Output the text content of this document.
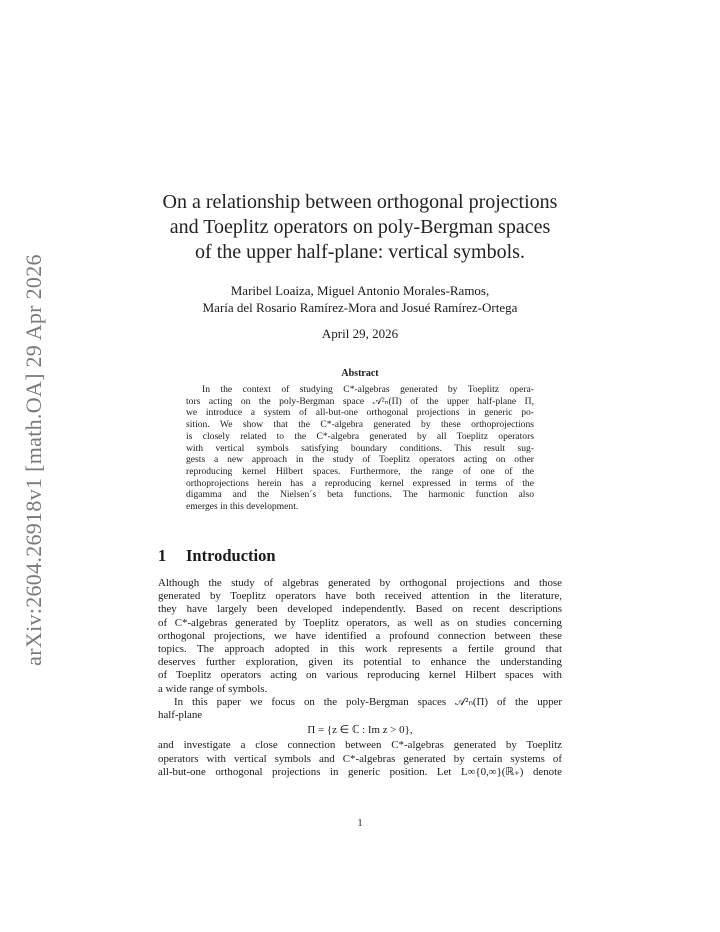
arXiv:2604.26918v1 [math.OA] 29 Apr 2026
On a relationship between orthogonal projections
and Toeplitz operators on poly-Bergman spaces
of the upper half-plane: vertical symbols.
Maribel Loaiza, Miguel Antonio Morales-Ramos,
María del Rosario Ramírez-Mora and Josué Ramírez-Ortega
April 29, 2026
Abstract
In the context of studying C*-algebras generated by Toeplitz opera-
tors acting on the poly-Bergman space 𝒜²ₙ(Π) of the upper half-plane Π,
we introduce a system of all-but-one orthogonal projections in generic po-
sition. We show that the C*-algebra generated by these orthoprojections
is closely related to the C*-algebra generated by all Toeplitz operators
with vertical symbols satisfying boundary conditions. This result sug-
gests a new approach in the study of Toeplitz operators acting on other
reproducing kernel Hilbert spaces. Furthermore, the range of one of the
orthoprojections herein has a reproducing kernel expressed in terms of the
digamma and the Nielsen´s beta functions. The harmonic function also
emerges in this development.
1 Introduction
Although the study of algebras generated by orthogonal projections and those
generated by Toeplitz operators have both received attention in the literature,
they have largely been developed independently. Based on recent descriptions
of C*-algebras generated by Toeplitz operators, as well as on studies concerning
orthogonal projections, we have identified a profound connection between these
topics. The approach adopted in this work represents a fertile ground that
deserves further exploration, given its potential to enhance the understanding
of Toeplitz operators acting on various reproducing kernel Hilbert spaces with
a wide range of symbols.
In this paper we focus on the poly-Bergman spaces 𝒜²ₙ(Π) of the upper
half-plane
Π = {z ∈ ℂ : Im z > 0},
and investigate a close connection between C*-algebras generated by Toeplitz
operators with vertical symbols and C*-algebras generated by certain systems of
all-but-one orthogonal projections in generic position. Let L∞{0,∞}(ℝ₊) denote
1
